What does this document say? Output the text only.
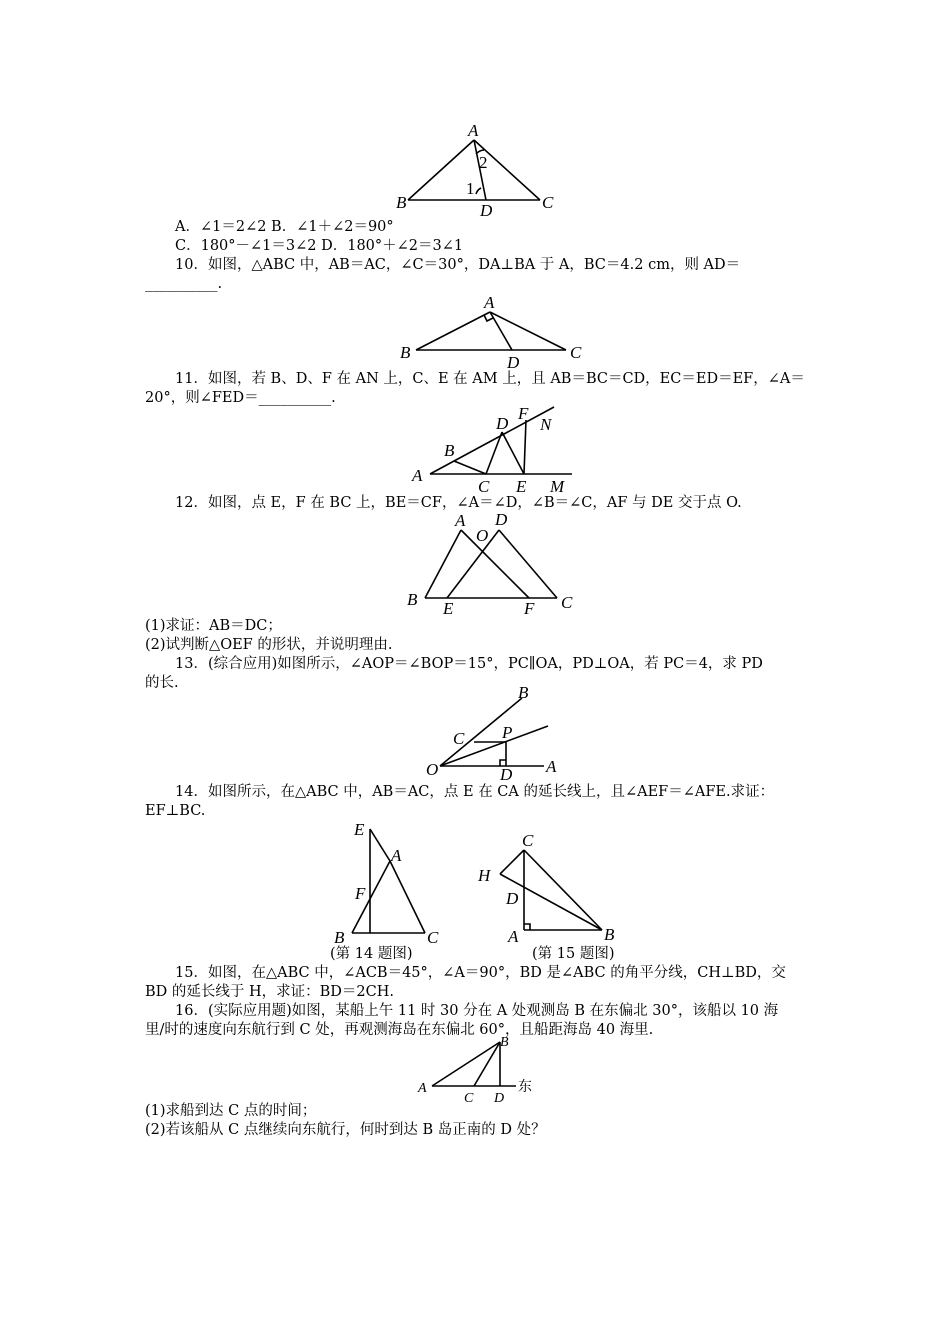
A
B	C
D
1
2
A．∠1＝2∠2 B．∠1＋∠2＝90°
C．180°－∠1＝3∠2 D．180°＋∠2＝3∠1
10．如图，△ABC 中，AB＝AC，∠C＝30°，DA⊥BA 于 A，BC＝4.2 cm，则 AD＝
__________.
A
B	C
D
11．如图，若 B、D、F 在 AN 上，C、E 在 AM 上，且 AB＝BC＝CD，EC＝ED＝EF，∠A＝
20°，则∠FED＝__________.
A
B
C
D
E
F
M
N
12．如图，点 E，F 在 BC 上，BE＝CF，∠A＝∠D，∠B＝∠C，AF 与 DE 交于点 O.
A
B	C
D
E	F
O
(1)求证：AB＝DC；
(2)试判断△OEF 的形状，并说明理由.
13．(综合应用)如图所示，∠AOP＝∠BOP＝15°，PC∥OA，PD⊥OA，若 PC＝4，求 PD
的长.
O
B
A
C P
D
14．如图所示，在△ABC 中，AB＝AC，点 E 在 CA 的延长线上，且∠AEF＝∠AFE.求证：
EF⊥BC.
E
A
F
B	C
(第 14 题图)
C
H
D
A	B
(第 15 题图)
15．如图，在△ABC 中，∠ACB＝45°，∠A＝90°，BD 是∠ABC 的角平分线，CH⊥BD，交
BD 的延长线于 H，求证：BD＝2CH.
16．(实际应用题)如图，某船上午 11 时 30 分在 A 处观测岛 B 在东偏北 30°，该船以 10 海
里/时的速度向东航行到 C 处，再观测海岛在东偏北 60°，且船距海岛 40 海里.
A
B
C D
东
(1)求船到达 C 点的时间；
(2)若该船从 C 点继续向东航行，何时到达 B 岛正南的 D 处？
